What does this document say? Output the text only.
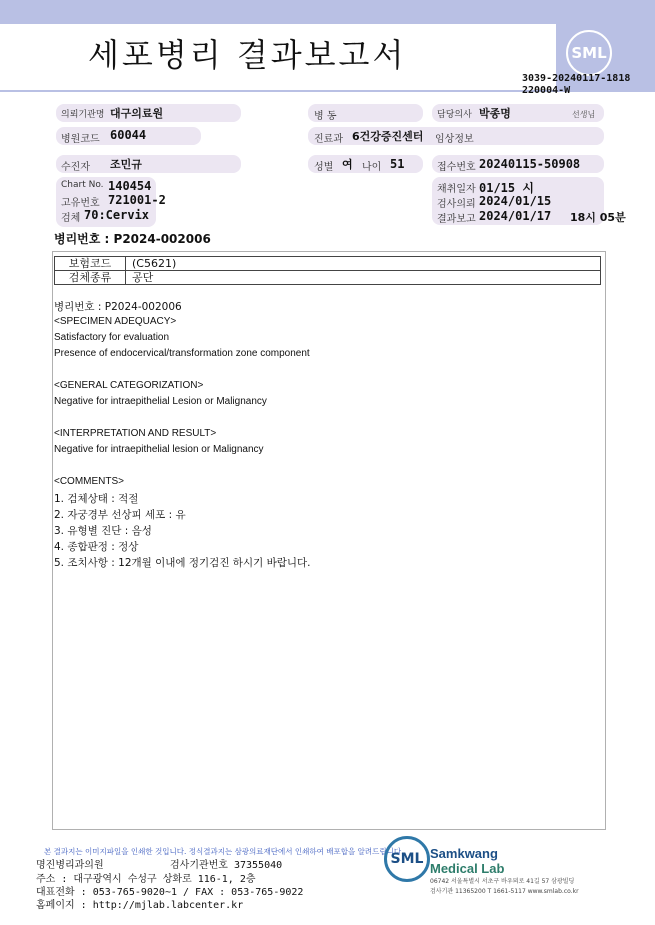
세포병리 결과보고서	SML
3039-20240117-1818
220004-W
의뢰기관명 대구의료원	병 동	담당의사 박종명	선생님
병원코드 60044	진료과 6건강증진센터 임상정보
수진자 조민규	성별 여 나이 51	접수번호 20240115-50908
Chart No. 140454
고유번호 721001-2
검체 70:Cervix
채취일자 01/15 시
검사의뢰 2024/01/15
결과보고 2024/01/17 18시 05분
병리번호 : P2024-002006
보험코드	(C5621)
검체종류	공단
병리번호 : P2024-002006
<SPECIMEN ADEQUACY>
Satisfactory for evaluation
Presence of endocervical/transformation zone component
<GENERAL CATEGORIZATION>
Negative for intraepithelial Lesion or Malignancy
<INTERPRETATION AND RESULT>
Negative for intraepithelial lesion or Malignancy
<COMMENTS>
1. 검체상태 : 적절
2. 자궁경부 선상피 세포 : 유
3. 유형별 진단 : 음성
4. 종합판정 : 정상
5. 조치사항 : 12개월 이내에 정기검진 하시기 바랍니다.
본 결과지는 이미지파일을 인쇄한 것입니다. 정식결과지는 삼광의료재단에서 인쇄하여 배포합을 알려드립니다.
명진병리과의원	검사기관번호 37355040
주소 : 대구광역시 수성구 상화로 116-1, 2층
대표전화 : 053-765-9020~1 / FAX : 053-765-9022
홈페이지 : http://mjlab.labcenter.kr
SML Samkwang
Medical Lab
06742 서울특별시 서초구 바우뫼로 41길 57 삼광빌딩
검사기관 11365200 T 1661-5117 www.smlab.co.kr
